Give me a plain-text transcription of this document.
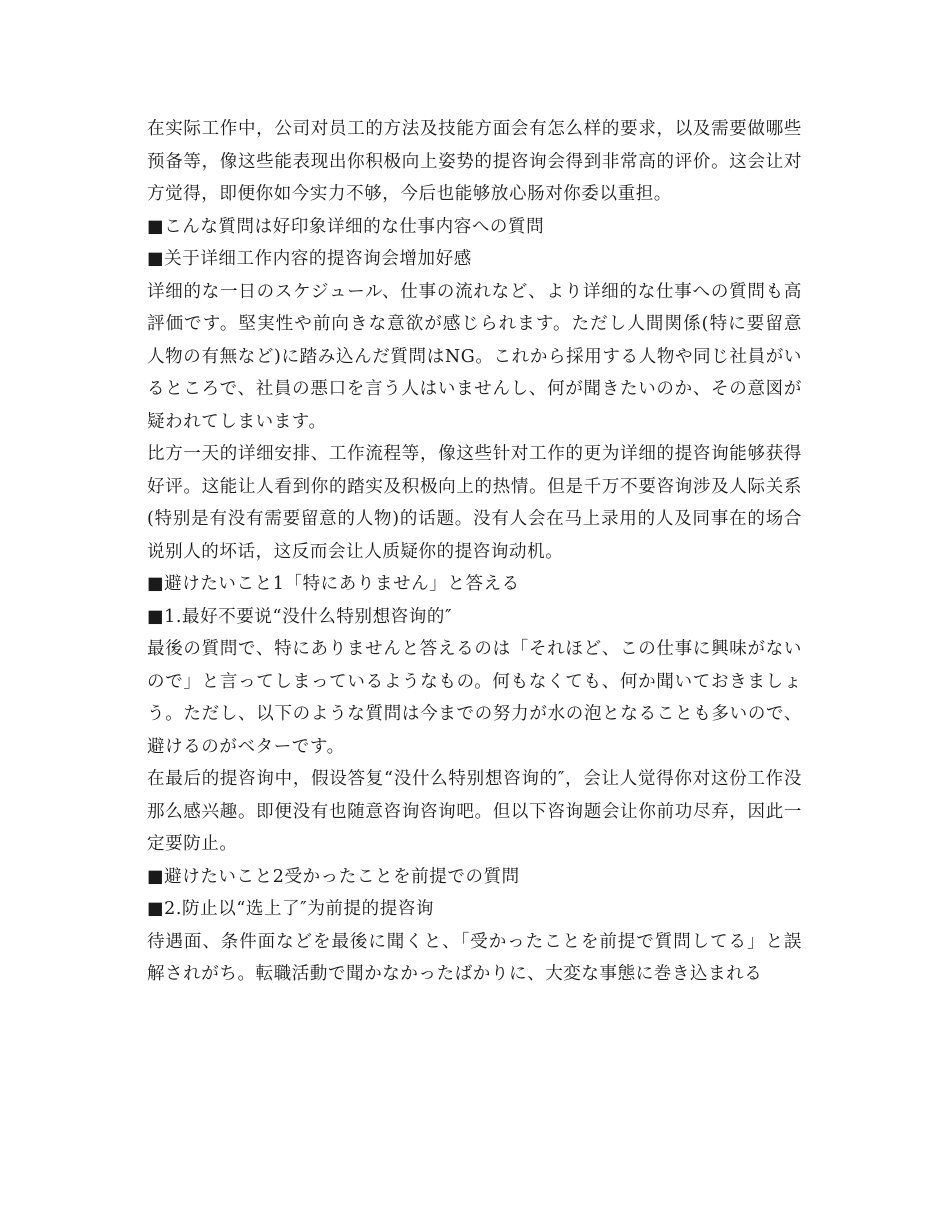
在实际工作中，公司对员工的方法及技能方面会有怎么样的要求，以及需要做哪些预备等，像这些能表现出你积极向上姿势的提咨询会得到非常高的评价。这会让对方觉得，即便你如今实力不够，今后也能够放心肠对你委以重担。

■こんな質問は好印象详细的な仕事内容への質問

■关于详细工作内容的提咨询会增加好感

详细的な一日のスケジュール、仕事の流れなど、より详细的な仕事への質問も高評価です。堅実性や前向きな意欲が感じられます。ただし人間関係(特に要留意人物の有無など)に踏み込んだ質問はNG。これから採用する人物や同じ社員がいるところで、社員の悪口を言う人はいませんし、何が聞きたいのか、その意図が疑われてしまいます。

比方一天的详细安排、工作流程等，像这些针对工作的更为详细的提咨询能够获得好评。这能让人看到你的踏实及积极向上的热情。但是千万不要咨询涉及人际关系(特别是有没有需要留意的人物)的话题。没有人会在马上录用的人及同事在的场合说别人的坏话，这反而会让人质疑你的提咨询动机。

■避けたいこと1「特にありません」と答える

■1.最好不要说“没什么特别想咨询的″

最後の質問で、特にありませんと答えるのは「それほど、この仕事に興味がないので」と言ってしまっているようなもの。何もなくても、何か聞いておきましょう。ただし、以下のような質問は今までの努力が水の泡となることも多いので、避けるのがベターです。

在最后的提咨询中，假设答复“没什么特别想咨询的″，会让人觉得你对这份工作没那么感兴趣。即便没有也随意咨询咨询吧。但以下咨询题会让你前功尽弃，因此一定要防止。

■避けたいこと2受かったことを前提での質問

■2.防止以“选上了″为前提的提咨询

待遇面、条件面などを最後に聞くと、「受かったことを前提で質問してる」と誤解されがち。転職活動で聞かなかったばかりに、大変な事態に巻き込まれる
